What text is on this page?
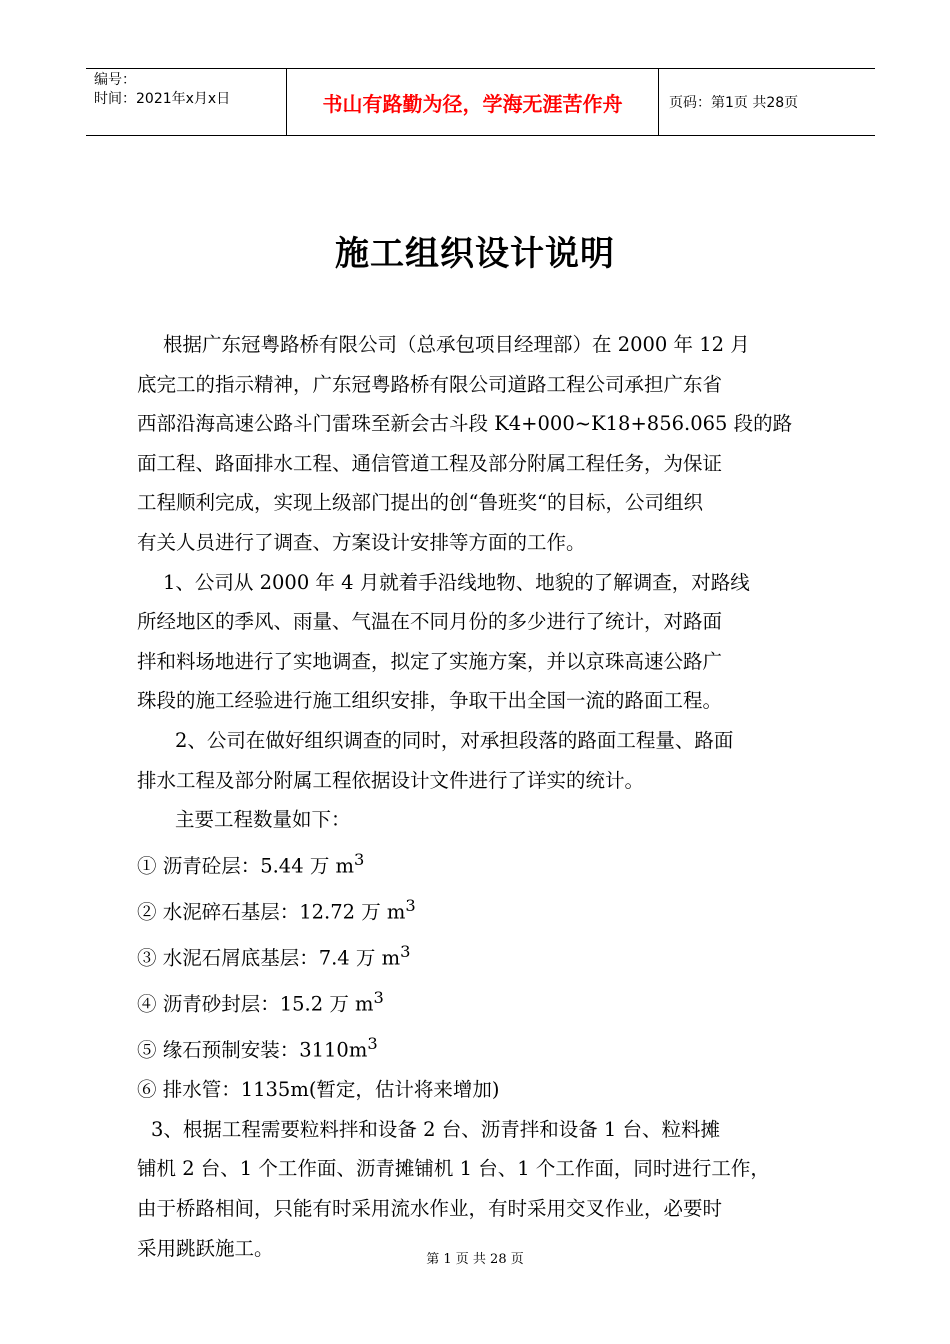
编号：
时间：2021年x月x日	书山有路勤为径，学海无涯苦作舟	页码：第1页 共28页
施工组织设计说明

根据广东冠粤路桥有限公司（总承包项目经理部）在 2000 年 12 月

底完工的指示精神，广东冠粤路桥有限公司道路工程公司承担广东省

西部沿海高速公路斗门雷珠至新会古斗段 K4+000~K18+856.065 段的路

面工程、路面排水工程、通信管道工程及部分附属工程任务，为保证

工程顺利完成，实现上级部门提出的创“鲁班奖“的目标，公司组织

有关人员进行了调查、方案设计安排等方面的工作。

1、公司从 2000 年 4 月就着手沿线地物、地貌的了解调查，对路线

所经地区的季风、雨量、气温在不同月份的多少进行了统计，对路面

拌和料场地进行了实地调查，拟定了实施方案，并以京珠高速公路广

珠段的施工经验进行施工组织安排，争取干出全国一流的路面工程。

2、公司在做好组织调查的同时，对承担段落的路面工程量、路面

排水工程及部分附属工程依据设计文件进行了详实的统计。

主要工程数量如下：

① 沥青砼层：5.44 万 $m^3$

② 水泥碎石基层：12.72 万 $m^3$

③ 水泥石屑底基层：7.4 万 $m^3$

④ 沥青砂封层：15.2 万 $m^3$

⑤ 缘石预制安装：$3110m^3$

⑥ 排水管：1135m(暂定，估计将来增加)

3、根据工程需要粒料拌和设备 2 台、沥青拌和设备 1 台、粒料摊

铺机 2 台、1 个工作面、沥青摊铺机 1 台、1 个工作面，同时进行工作，

由于桥路相间，只能有时采用流水作业，有时采用交叉作业，必要时

采用跳跃施工。	第 1 页 共 28 页
